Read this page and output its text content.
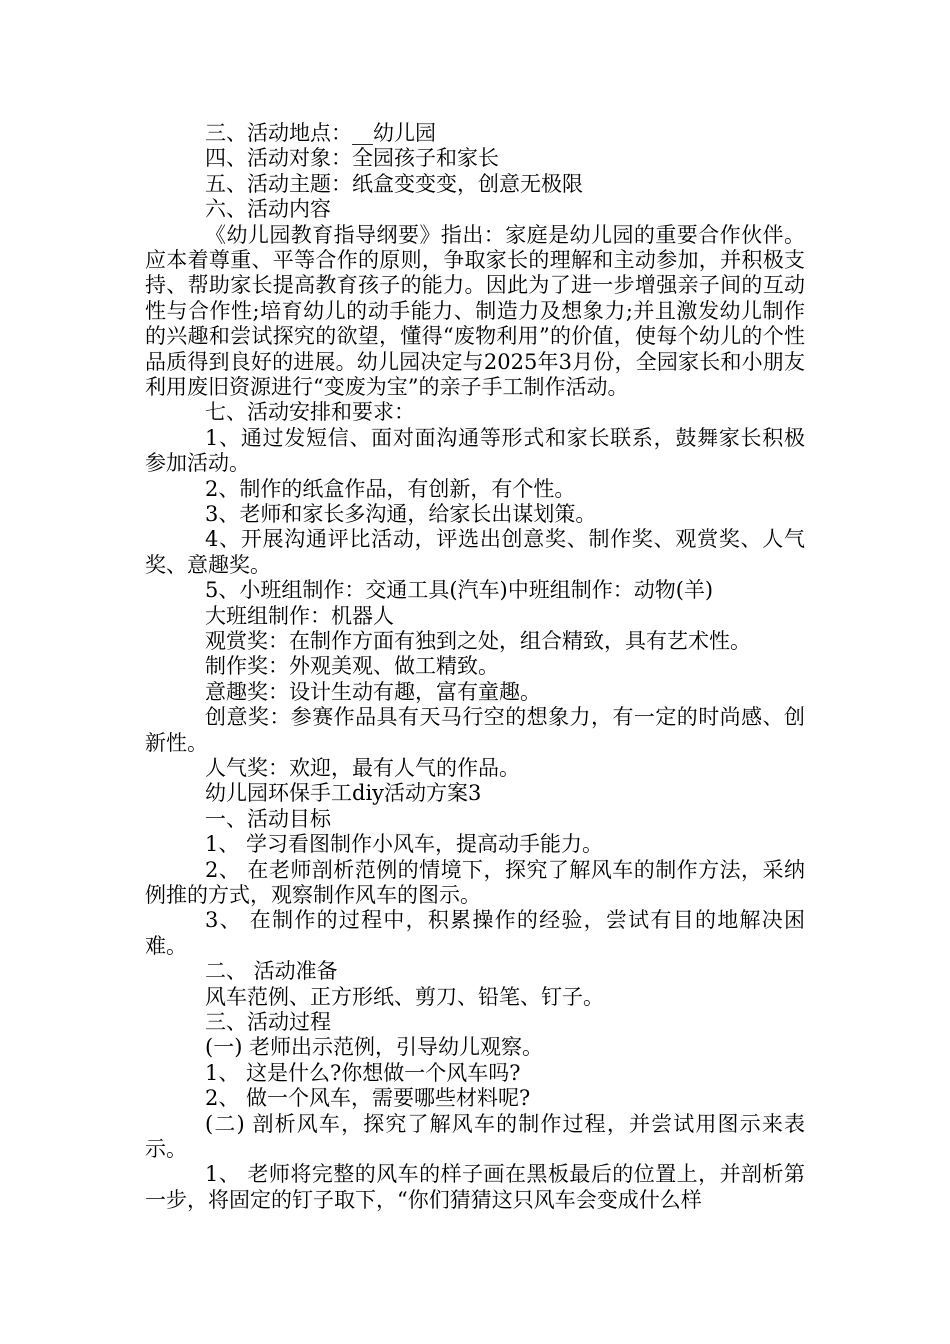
三、活动地点：__幼儿园
四、活动对象：全园孩子和家长
五、活动主题：纸盒变变变，创意无极限
六、活动内容
《幼儿园教育指导纲要》指出：家庭是幼儿园的重要合作伙伴。应本着尊重、平等合作的原则，争取家长的理解和主动参加，并积极支持、帮助家长提高教育孩子的能力。因此为了进一步增强亲子间的互动性与合作性;培育幼儿的动手能力、制造力及想象力;并且激发幼儿制作的兴趣和尝试探究的欲望，懂得“废物利用”的价值，使每个幼儿的个性品质得到良好的进展。幼儿园决定与2025年3月份，全园家长和小朋友利用废旧资源进行“变废为宝”的亲子手工制作活动。
七、活动安排和要求：
1、通过发短信、面对面沟通等形式和家长联系，鼓舞家长积极参加活动。
2、制作的纸盒作品，有创新，有个性。
3、老师和家长多沟通，给家长出谋划策。
4、开展沟通评比活动，评选出创意奖、制作奖、观赏奖、人气奖、意趣奖。
5、小班组制作：交通工具(汽车)中班组制作：动物(羊)
大班组制作：机器人
观赏奖：在制作方面有独到之处，组合精致，具有艺术性。
制作奖：外观美观、做工精致。
意趣奖：设计生动有趣，富有童趣。
创意奖：参赛作品具有天马行空的想象力，有一定的时尚感、创新性。
人气奖：欢迎，最有人气的作品。
幼儿园环保手工diy活动方案3
一、活动目标
1、 学习看图制作小风车，提高动手能力。
2、 在老师剖析范例的情境下，探究了解风车的制作方法，采纳例推的方式，观察制作风车的图示。
3、 在制作的过程中，积累操作的经验，尝试有目的地解决困难。
二、 活动准备
风车范例、正方形纸、剪刀、铅笔、钉子。
三、活动过程
(一) 老师出示范例，引导幼儿观察。
1、 这是什么?你想做一个风车吗?
2、 做一个风车，需要哪些材料呢?
(二) 剖析风车，探究了解风车的制作过程，并尝试用图示来表示。
1、 老师将完整的风车的样子画在黑板最后的位置上，并剖析第一步，将固定的钉子取下，“你们猜猜这只风车会变成什么样
